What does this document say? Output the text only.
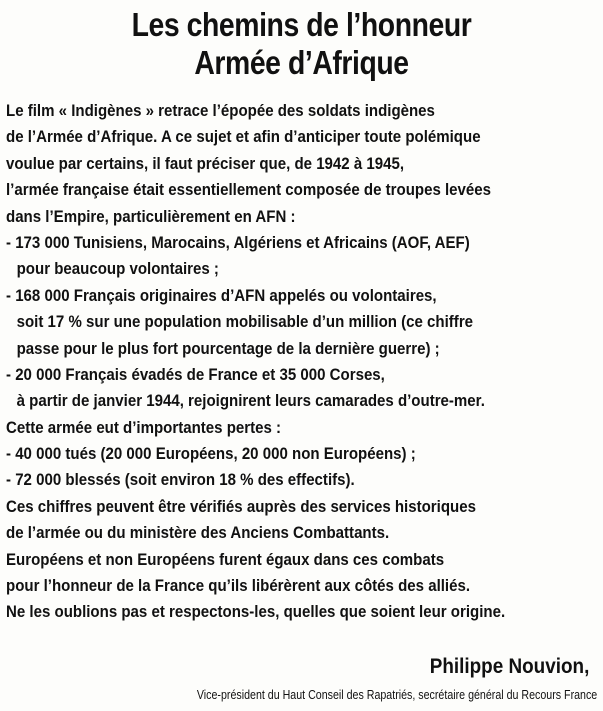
Les chemins de l’honneur
Armée d’Afrique
Le film « Indigènes » retrace l’épopée des soldats indigènes
de l’Armée d’Afrique. A ce sujet et afin d’anticiper toute polémique
voulue par certains, il faut préciser que, de 1942 à 1945,
l’armée française était essentiellement composée de troupes levées
dans l’Empire, particulièrement en AFN :
- 173 000 Tunisiens, Marocains, Algériens et Africains (AOF, AEF)
pour beaucoup volontaires ;
- 168 000 Français originaires d’AFN appelés ou volontaires,
soit 17 % sur une population mobilisable d’un million (ce chiffre
passe pour le plus fort pourcentage de la dernière guerre) ;
- 20 000 Français évadés de France et 35 000 Corses,
à partir de janvier 1944, rejoignirent leurs camarades d’outre-mer.
Cette armée eut d’importantes pertes :
- 40 000 tués (20 000 Européens, 20 000 non Européens) ;
- 72 000 blessés (soit environ 18 % des effectifs).
Ces chiffres peuvent être vérifiés auprès des services historiques
de l’armée ou du ministère des Anciens Combattants.
Européens et non Européens furent égaux dans ces combats
pour l’honneur de la France qu’ils libérèrent aux côtés des alliés.
Ne les oublions pas et respectons-les, quelles que soient leur origine.
Philippe Nouvion,
Vice-président du Haut Conseil des Rapatriés, secrétaire général du Recours France
